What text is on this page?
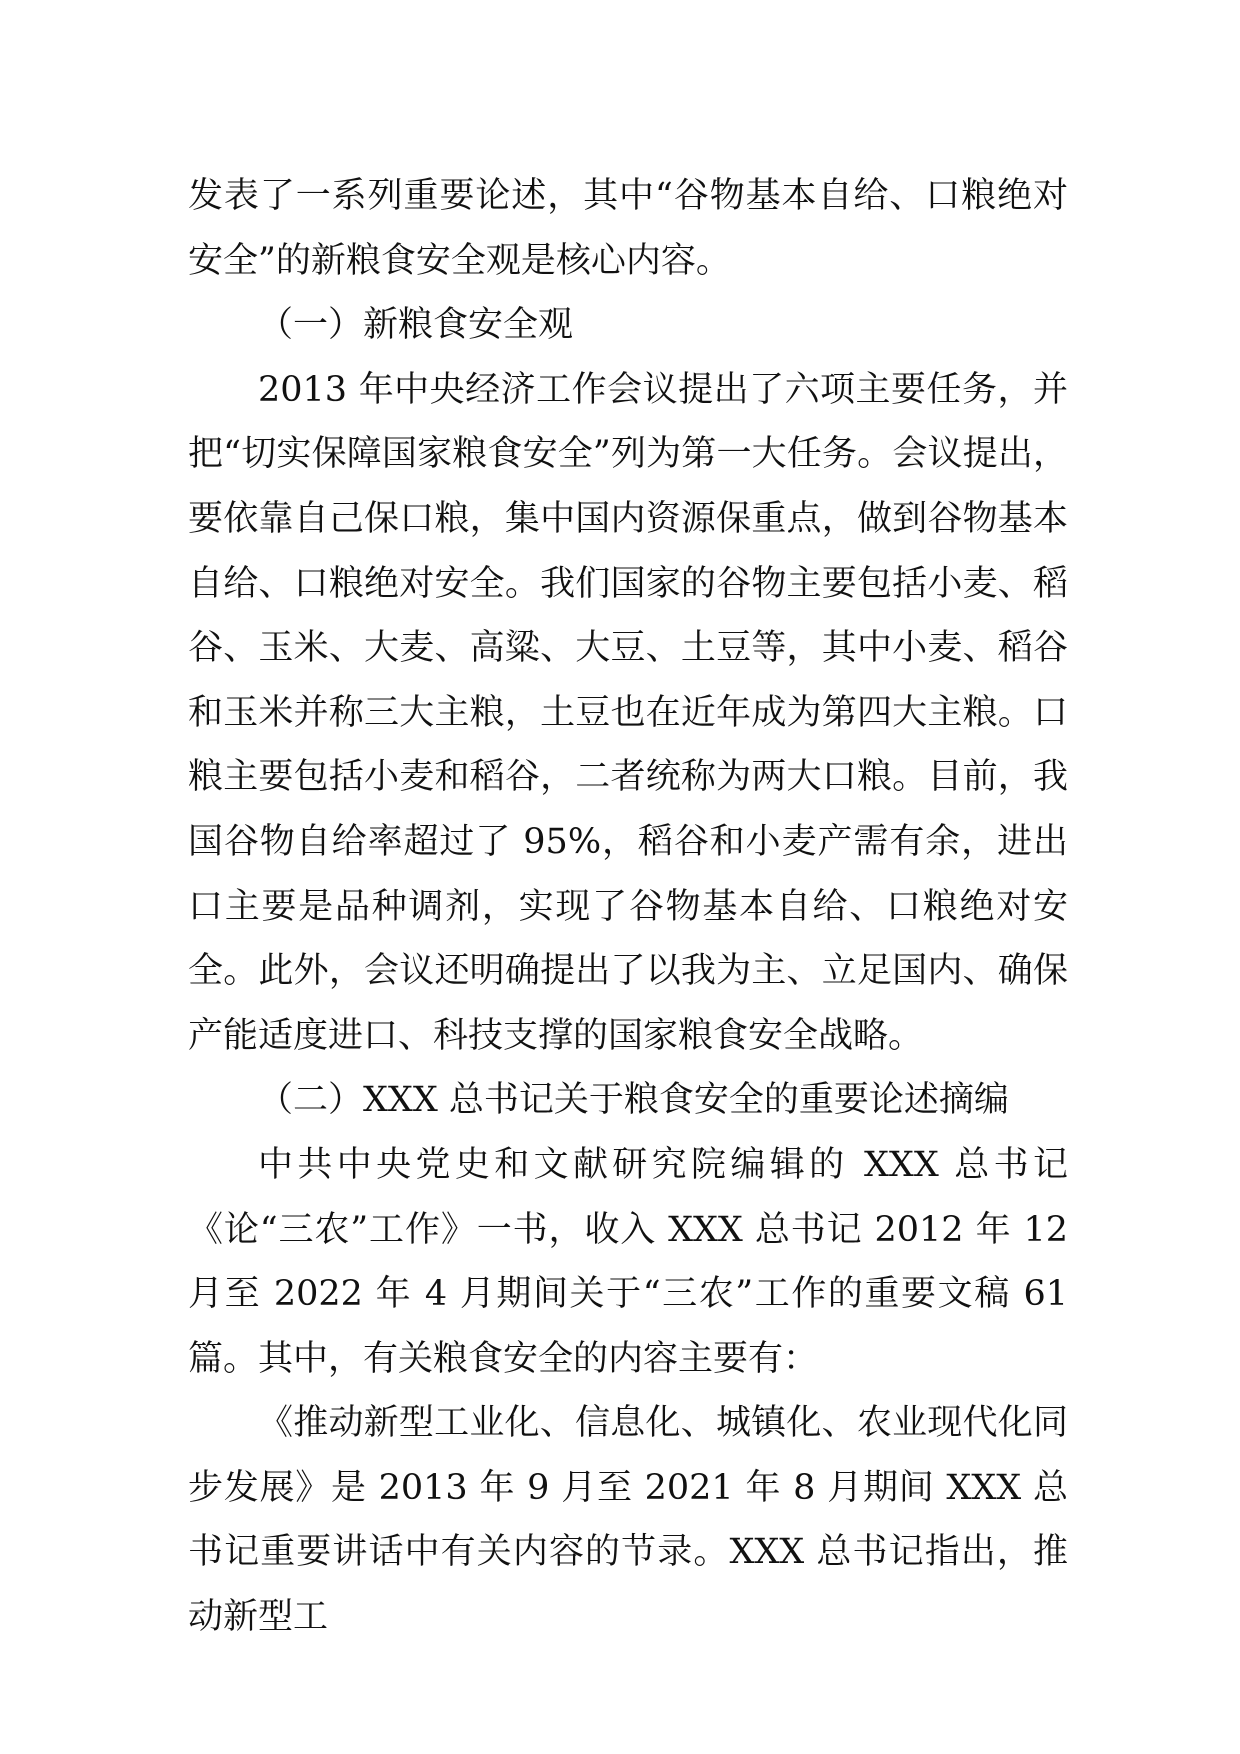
发表了一系列重要论述，其中“谷物基本自给、口粮绝对安全”的新粮食安全观是核心内容。

（一）新粮食安全观

2013 年中央经济工作会议提出了六项主要任务，并把“切实保障国家粮食安全”列为第一大任务。会议提出，要依靠自己保口粮，集中国内资源保重点，做到谷物基本自给、口粮绝对安全。我们国家的谷物主要包括小麦、稻谷、玉米、大麦、高粱、大豆、土豆等，其中小麦、稻谷和玉米并称三大主粮，土豆也在近年成为第四大主粮。口粮主要包括小麦和稻谷，二者统称为两大口粮。目前，我国谷物自给率超过了 95%，稻谷和小麦产需有余，进出口主要是品种调剂，实现了谷物基本自给、口粮绝对安全。此外，会议还明确提出了以我为主、立足国内、确保产能适度进口、科技支撑的国家粮食安全战略。

（二）XXX 总书记关于粮食安全的重要论述摘编

中共中央党史和文献研究院编辑的 XXX 总书记《论“三农”工作》一书，收入 XXX 总书记 2012 年 12 月至 2022 年 4 月期间关于“三农”工作的重要文稿 61 篇。其中，有关粮食安全的内容主要有：

《推动新型工业化、信息化、城镇化、农业现代化同步发展》是 2013 年 9 月至 2021 年 8 月期间 XXX 总书记重要讲话中有关内容的节录。XXX 总书记指出，推动新型工
